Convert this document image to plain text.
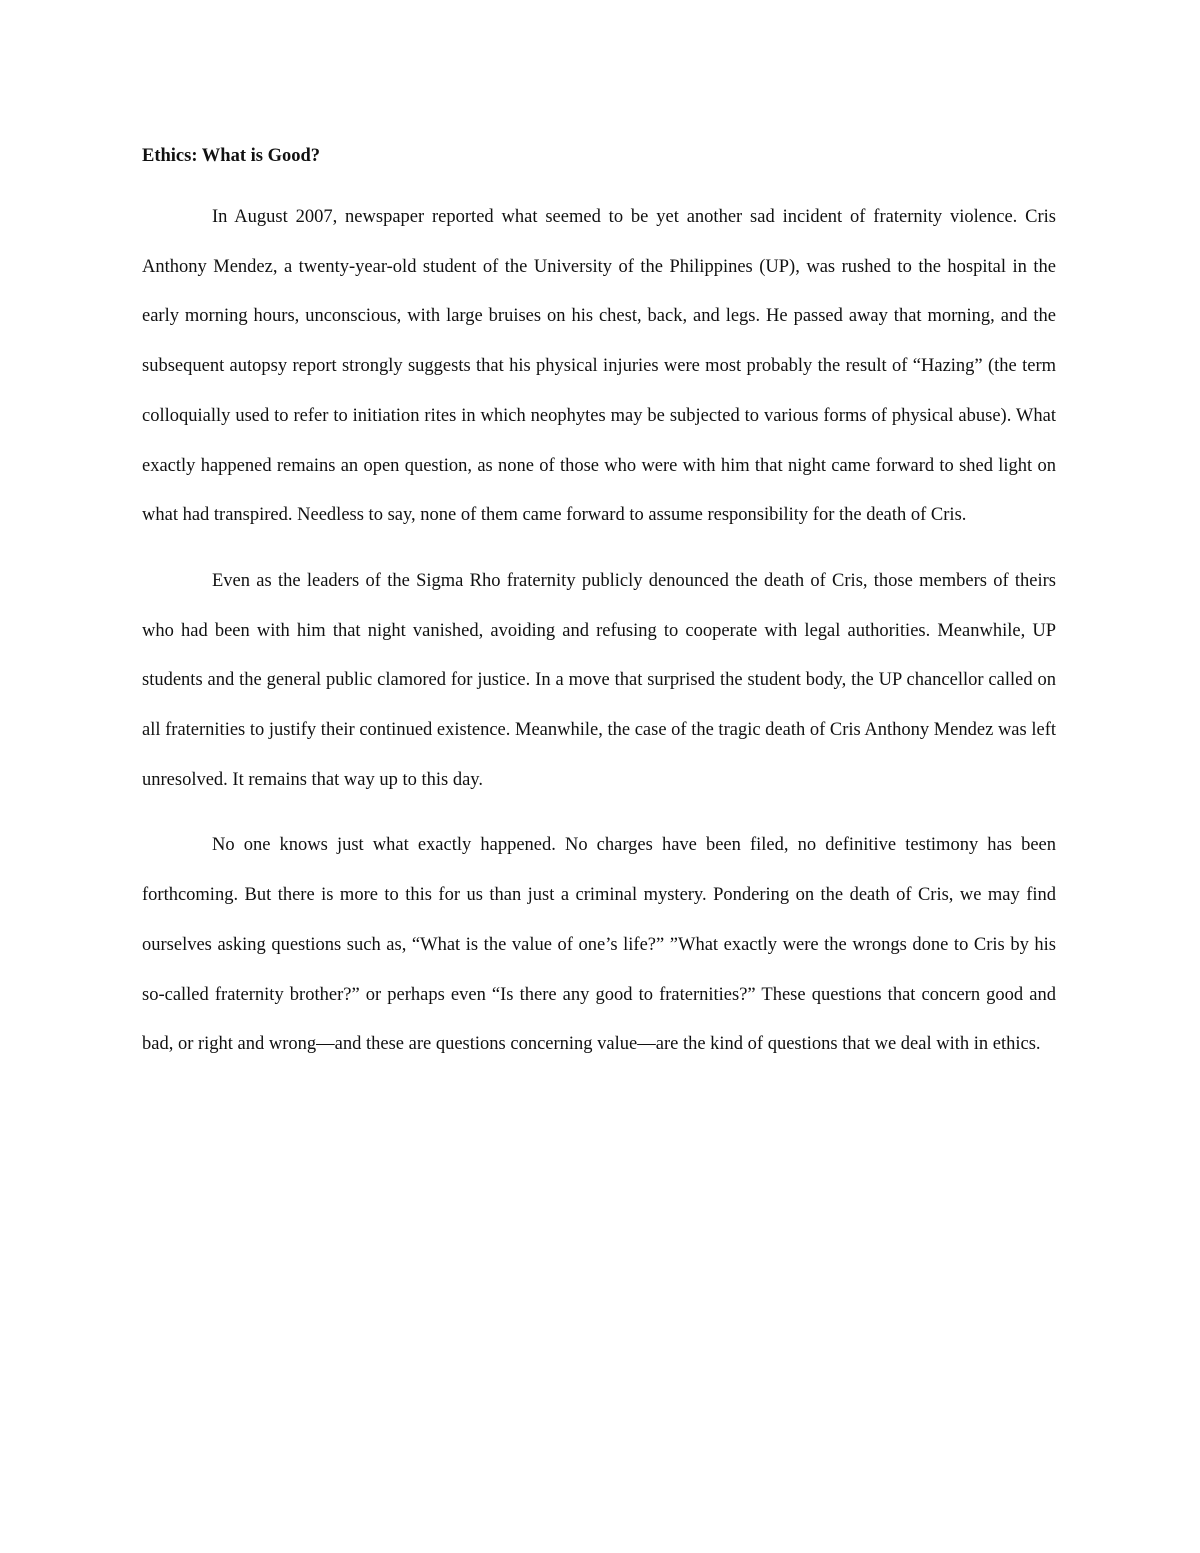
Ethics: What is Good?

In August 2007, newspaper reported what seemed to be yet another sad incident of fraternity violence. Cris Anthony Mendez, a twenty-year-old student of the University of the Philippines (UP), was rushed to the hospital in the early morning hours, unconscious, with large bruises on his chest, back, and legs. He passed away that morning, and the subsequent autopsy report strongly suggests that his physical injuries were most probably the result of “Hazing” (the term colloquially used to refer to initiation rites in which neophytes may be subjected to various forms of physical abuse). What exactly happened remains an open question, as none of those who were with him that night came forward to shed light on what had transpired. Needless to say, none of them came forward to assume responsibility for the death of Cris.

Even as the leaders of the Sigma Rho fraternity publicly denounced the death of Cris, those members of theirs who had been with him that night vanished, avoiding and refusing to cooperate with legal authorities. Meanwhile, UP students and the general public clamored for justice. In a move that surprised the student body, the UP chancellor called on all fraternities to justify their continued existence. Meanwhile, the case of the tragic death of Cris Anthony Mendez was left unresolved. It remains that way up to this day.

No one knows just what exactly happened. No charges have been filed, no definitive testimony has been forthcoming. But there is more to this for us than just a criminal mystery. Pondering on the death of Cris, we may find ourselves asking questions such as, “What is the value of one’s life?” ”What exactly were the wrongs done to Cris by his so-called fraternity brother?” or perhaps even “Is there any good to fraternities?” These questions that concern good and bad, or right and wrong—and these are questions concerning value—are the kind of questions that we deal with in ethics.
